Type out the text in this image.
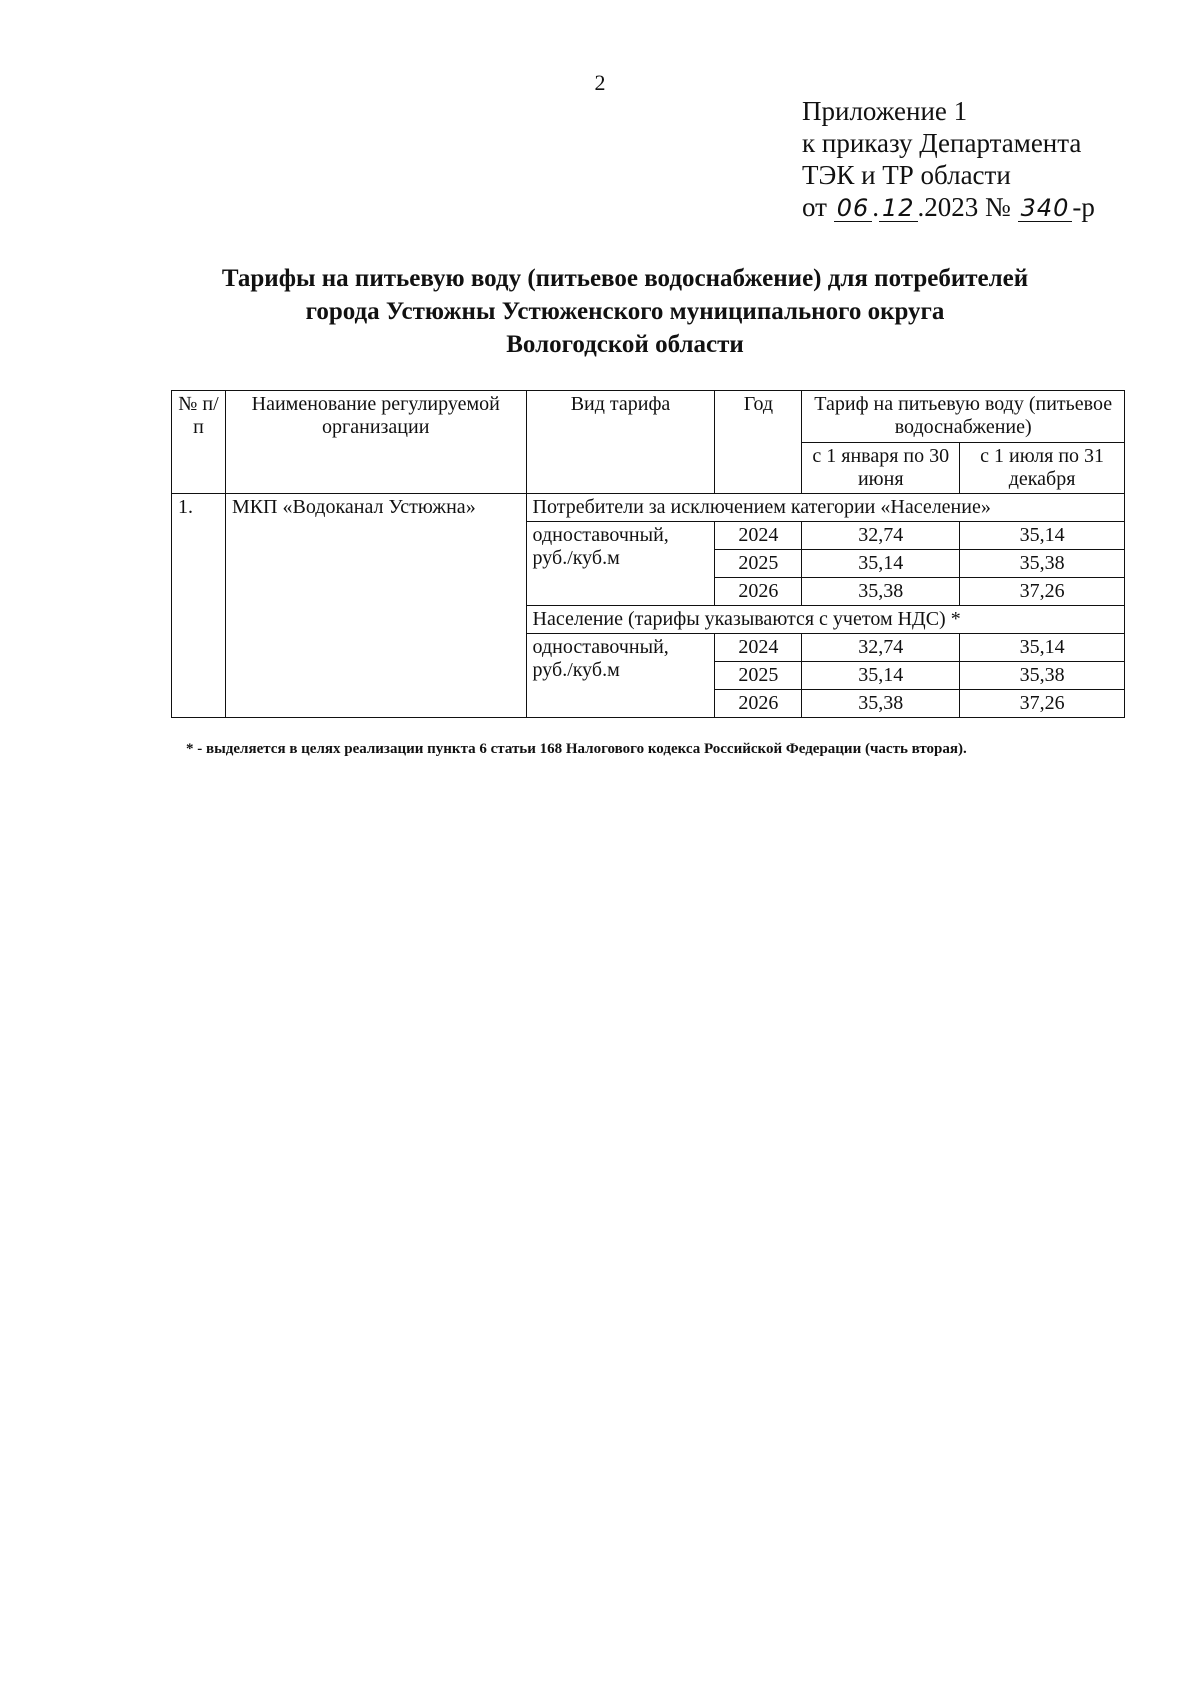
2
Приложение 1
к приказу Департамента
ТЭК и ТР области
от 06 . 12 .2023 № 340 -р
Тарифы на питьевую воду (питьевое водоснабжение) для потребителей
города Устюжны Устюженского муниципального округа
Вологодской области
№ п/п	Наименование регулируемой организации	Вид тарифа	Год	Тариф на питьевую воду (питьевое водоснабжение)	
				с 1 января по 30 июня	с 1 июля по 31 декабря
1.	МКП «Водоканал Устюжна»	Потребители за исключением категории «Население»			
		одноставочный, руб./куб.м	2024	32,74	35,14
			2025	35,14	35,38
			2026	35,38	37,26
		Население (тарифы указываются с учетом НДС) *			
		одноставочный, руб./куб.м	2024	32,74	35,14
			2025	35,14	35,38
			2026	35,38	37,26
* - выделяется в целях реализации пункта 6 статьи 168 Налогового кодекса Российской Федерации (часть вторая).
